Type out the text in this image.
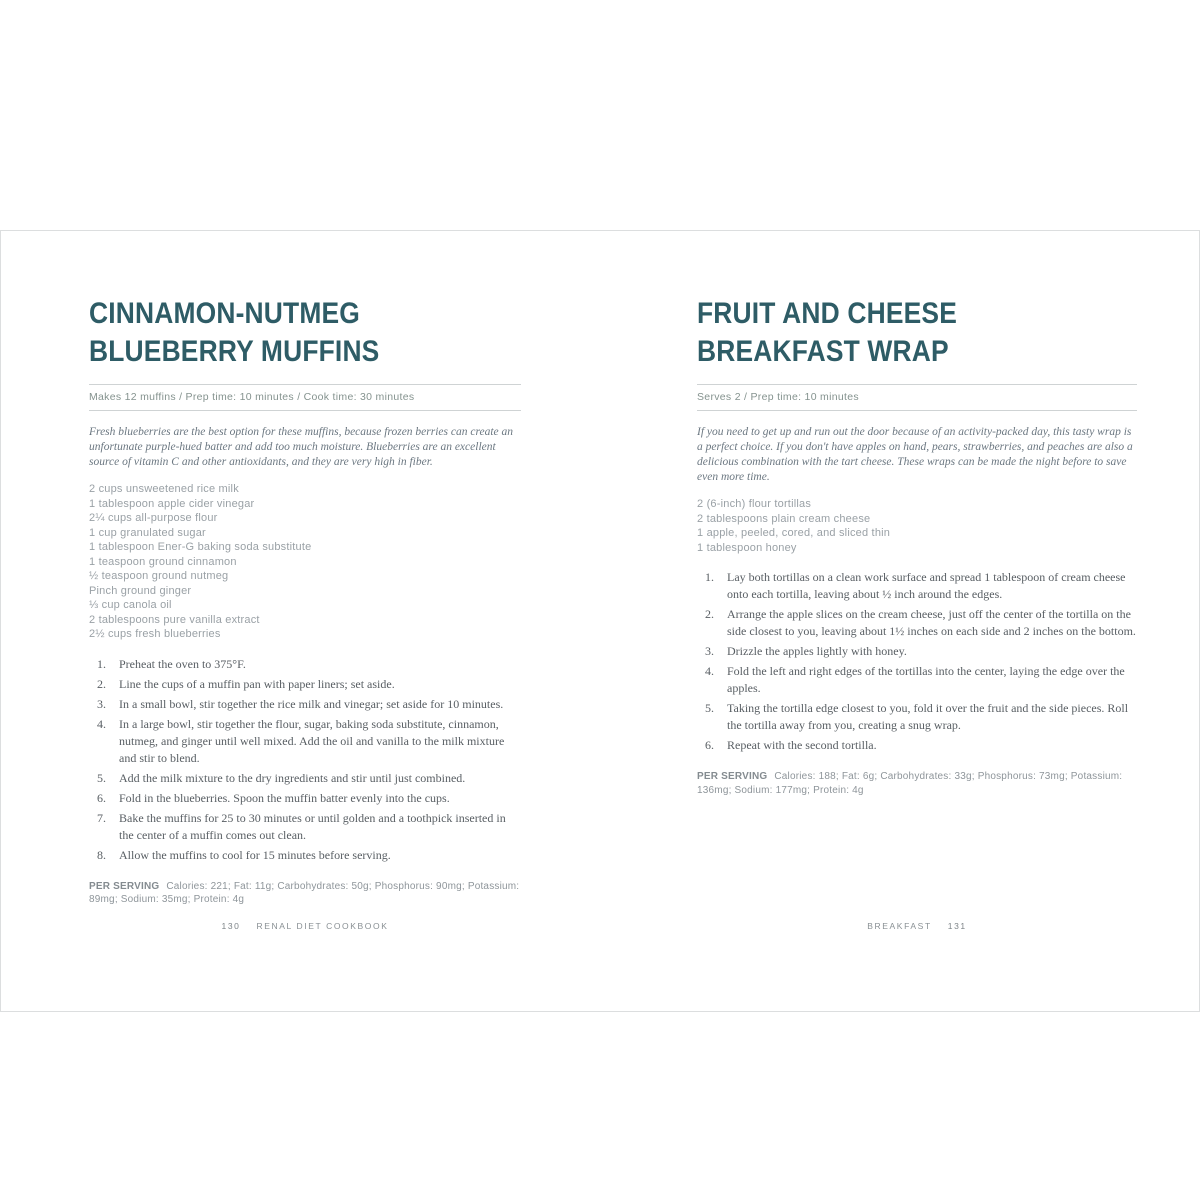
CINNAMON-NUTMEG
BLUEBERRY MUFFINS
Makes 12 muffins / Prep time: 10 minutes / Cook time: 30 minutes

Fresh blueberries are the best option for these muffins, because frozen berries can create an unfortunate purple-hued batter and add too much moisture. Blueberries are an excellent source of vitamin C and other antioxidants, and they are very high in fiber.

2 cups unsweetened rice milk
1 tablespoon apple cider vinegar
2¼ cups all-purpose flour
1 cup granulated sugar
1 tablespoon Ener-G baking soda substitute
1 teaspoon ground cinnamon
½ teaspoon ground nutmeg
Pinch ground ginger
⅓ cup canola oil
2 tablespoons pure vanilla extract
2½ cups fresh blueberries
1.	Preheat the oven to 375°F.
2.	Line the cups of a muffin pan with paper liners; set aside.
3.	In a small bowl, stir together the rice milk and vinegar; set aside for 10 minutes.
4.	In a large bowl, stir together the flour, sugar, baking soda substitute, cinnamon, nutmeg, and ginger until well mixed. Add the oil and vanilla to the milk mixture and stir to blend.
5.	Add the milk mixture to the dry ingredients and stir until just combined.
6.	Fold in the blueberries. Spoon the muffin batter evenly into the cups.
7.	Bake the muffins for 25 to 30 minutes or until golden and a toothpick inserted in the center of a muffin comes out clean.
8.	Allow the muffins to cool for 15 minutes before serving.

PER SERVING Calories: 221; Fat: 11g; Carbohydrates: 50g; Phosphorus: 90mg; Potassium: 89mg; Sodium: 35mg; Protein: 4g

130 RENAL DIET COOKBOOK
FRUIT AND CHEESE
BREAKFAST WRAP
Serves 2 / Prep time: 10 minutes

If you need to get up and run out the door because of an activity-packed day, this tasty wrap is a perfect choice. If you don't have apples on hand, pears, strawberries, and peaches are also a delicious combination with the tart cheese. These wraps can be made the night before to save even more time.

2 (6-inch) flour tortillas
2 tablespoons plain cream cheese
1 apple, peeled, cored, and sliced thin
1 tablespoon honey
1.	Lay both tortillas on a clean work surface and spread 1 tablespoon of cream cheese onto each tortilla, leaving about ½ inch around the edges.
2.	Arrange the apple slices on the cream cheese, just off the center of the tortilla on the side closest to you, leaving about 1½ inches on each side and 2 inches on the bottom.
3.	Drizzle the apples lightly with honey.
4.	Fold the left and right edges of the tortillas into the center, laying the edge over the apples.
5.	Taking the tortilla edge closest to you, fold it over the fruit and the side pieces. Roll the tortilla away from you, creating a snug wrap.
6.	Repeat with the second tortilla.

PER SERVING Calories: 188; Fat: 6g; Carbohydrates: 33g; Phosphorus: 73mg; Potassium: 136mg; Sodium: 177mg; Protein: 4g

BREAKFAST 131
